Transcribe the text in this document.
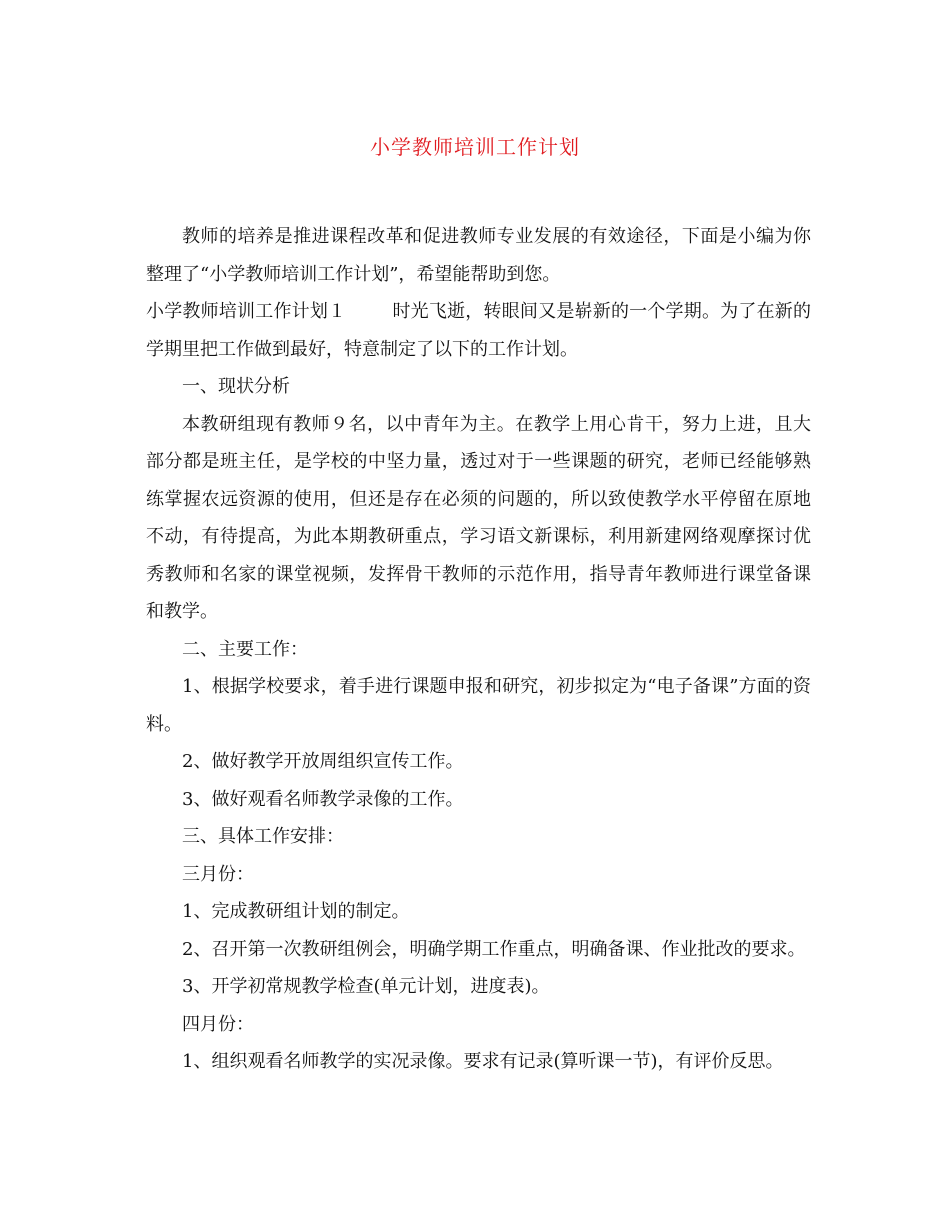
小学教师培训工作计划

教师的培养是推进课程改革和促进教师专业发展的有效途径，下面是小编为你整理了“小学教师培训工作计划”，希望能帮助到您。

小学教师培训工作计划１	时光飞逝，转眼间又是崭新的一个学期。为了在新的学期里把工作做到最好，特意制定了以下的工作计划。

一、现状分析

本教研组现有教师９名，以中青年为主。在教学上用心肯干，努力上进，且大部分都是班主任，是学校的中坚力量，透过对于一些课题的研究，老师已经能够熟练掌握农远资源的使用，但还是存在必须的问题的，所以致使教学水平停留在原地不动，有待提高，为此本期教研重点，学习语文新课标，利用新建网络观摩探讨优秀教师和名家的课堂视频，发挥骨干教师的示范作用，指导青年教师进行课堂备课和教学。

二、主要工作：

1、根据学校要求，着手进行课题申报和研究，初步拟定为“电子备课”方面的资料。

2、做好教学开放周组织宣传工作。

3、做好观看名师教学录像的工作。

三、具体工作安排：

三月份：

1、完成教研组计划的制定。

2、召开第一次教研组例会，明确学期工作重点，明确备课、作业批改的要求。

3、开学初常规教学检查(单元计划，进度表)。

四月份：

1、组织观看名师教学的实况录像。要求有记录(算听课一节)，有评价反思。
